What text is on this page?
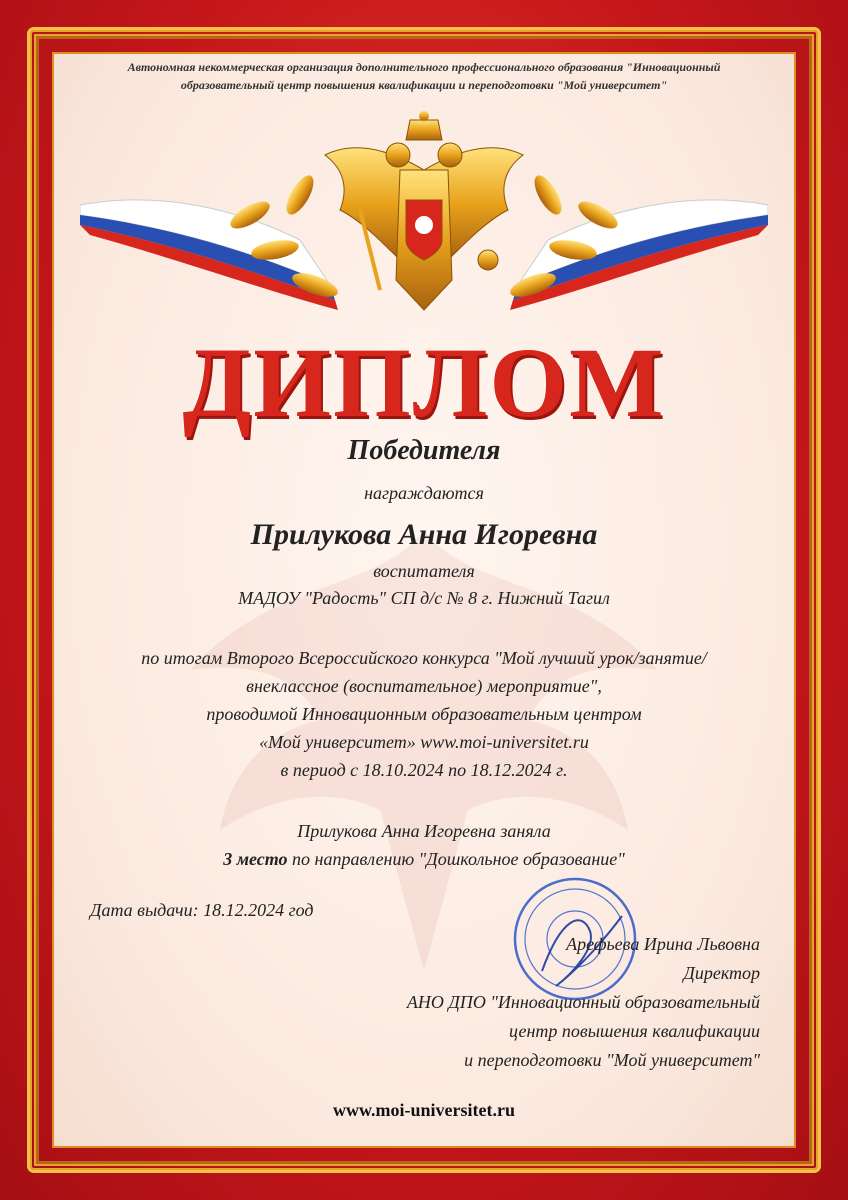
Автономная некоммерческая организация дополнительного профессионального образования "Инновационный
образовательный центр повышения квалификации и переподготовки "Мой университет"
ДИПЛОМ
Победителя
награждаются
Прилукова Анна Игоревна
воспитателя
МАДОУ "Радость" СП д/с № 8 г. Нижний Тагил
по итогам Второго Всероссийского конкурса "Мой лучший урок/занятие/
внеклассное (воспитательное) мероприятие",
проводимой Инновационным образовательным центром
«Мой университет» www.moi-universitet.ru
в период с 18.10.2024 по 18.12.2024 г.
Прилукова Анна Игоревна заняла
3 место по направлению "Дошкольное образование"
Дата выдачи: 18.12.2024 год
Арефьева Ирина Львовна
Директор
АНО ДПО "Инновационный образовательный
центр повышения квалификации
и переподготовки "Мой университет"
www.moi-universitet.ru
